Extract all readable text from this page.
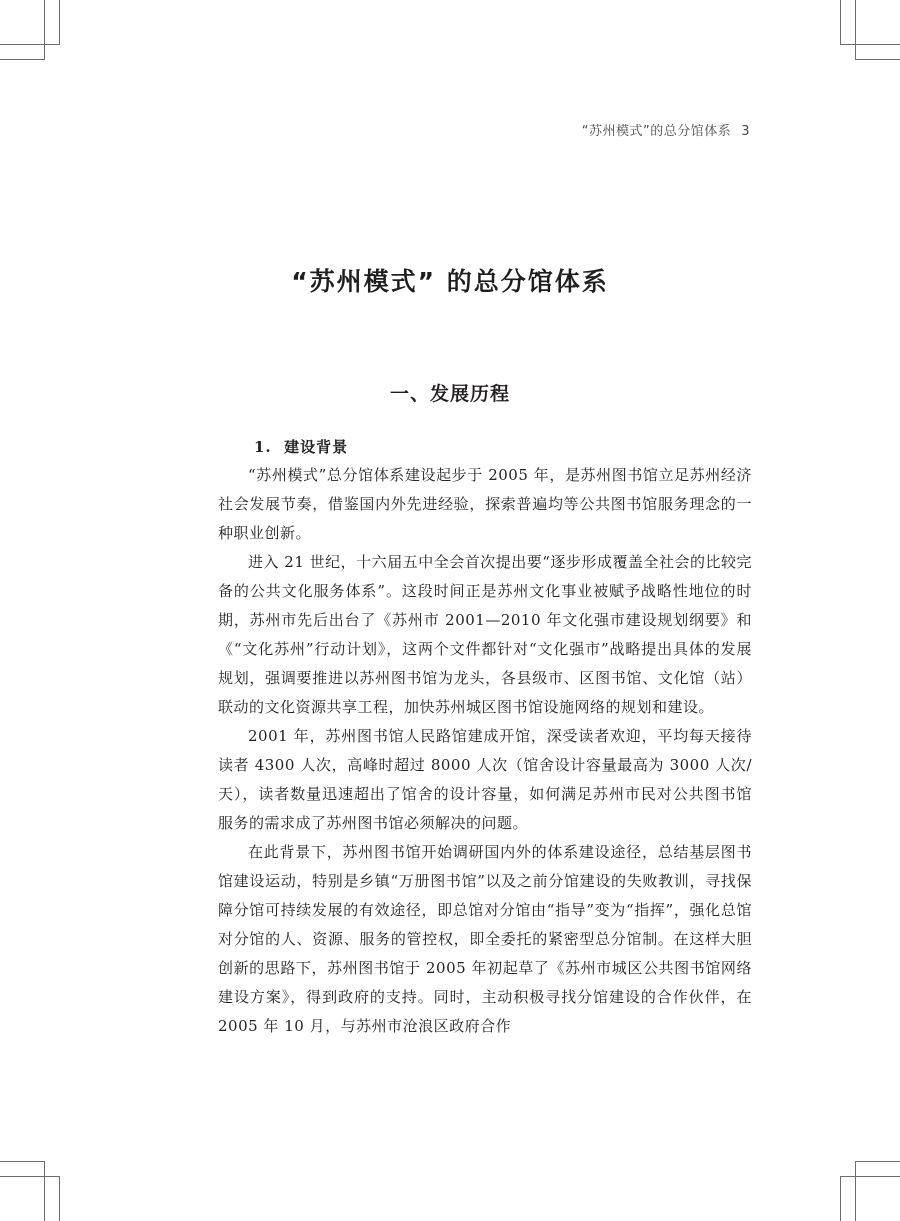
“苏州模式”的总分馆体系 3
“苏州模式” 的总分馆体系
一、发展历程
1. 建设背景

“苏州模式”总分馆体系建设起步于 2005 年，是苏州图书馆立足苏州经济社会发展节奏，借鉴国内外先进经验，探索普遍均等公共图书馆服务理念的一种职业创新。

进入 21 世纪，十六届五中全会首次提出要“逐步形成覆盖全社会的比较完备的公共文化服务体系”。这段时间正是苏州文化事业被赋予战略性地位的时期，苏州市先后出台了《苏州市 2001—2010 年文化强市建设规划纲要》和《“文化苏州”行动计划》，这两个文件都针对“文化强市”战略提出具体的发展规划，强调要推进以苏州图书馆为龙头，各县级市、区图书馆、文化馆（站）联动的文化资源共享工程，加快苏州城区图书馆设施网络的规划和建设。

2001 年，苏州图书馆人民路馆建成开馆，深受读者欢迎，平均每天接待读者 4300 人次，高峰时超过 8000 人次（馆舍设计容量最高为 3000 人次/天），读者数量迅速超出了馆舍的设计容量，如何满足苏州市民对公共图书馆服务的需求成了苏州图书馆必须解决的问题。

在此背景下，苏州图书馆开始调研国内外的体系建设途径，总结基层图书馆建设运动，特别是乡镇“万册图书馆”以及之前分馆建设的失败教训，寻找保障分馆可持续发展的有效途径，即总馆对分馆由“指导”变为“指挥”，强化总馆对分馆的人、资源、服务的管控权，即全委托的紧密型总分馆制。在这样大胆创新的思路下，苏州图书馆于 2005 年初起草了《苏州市城区公共图书馆网络建设方案》，得到政府的支持。同时，主动积极寻找分馆建设的合作伙伴，在 2005 年 10 月，与苏州市沧浪区政府合作
